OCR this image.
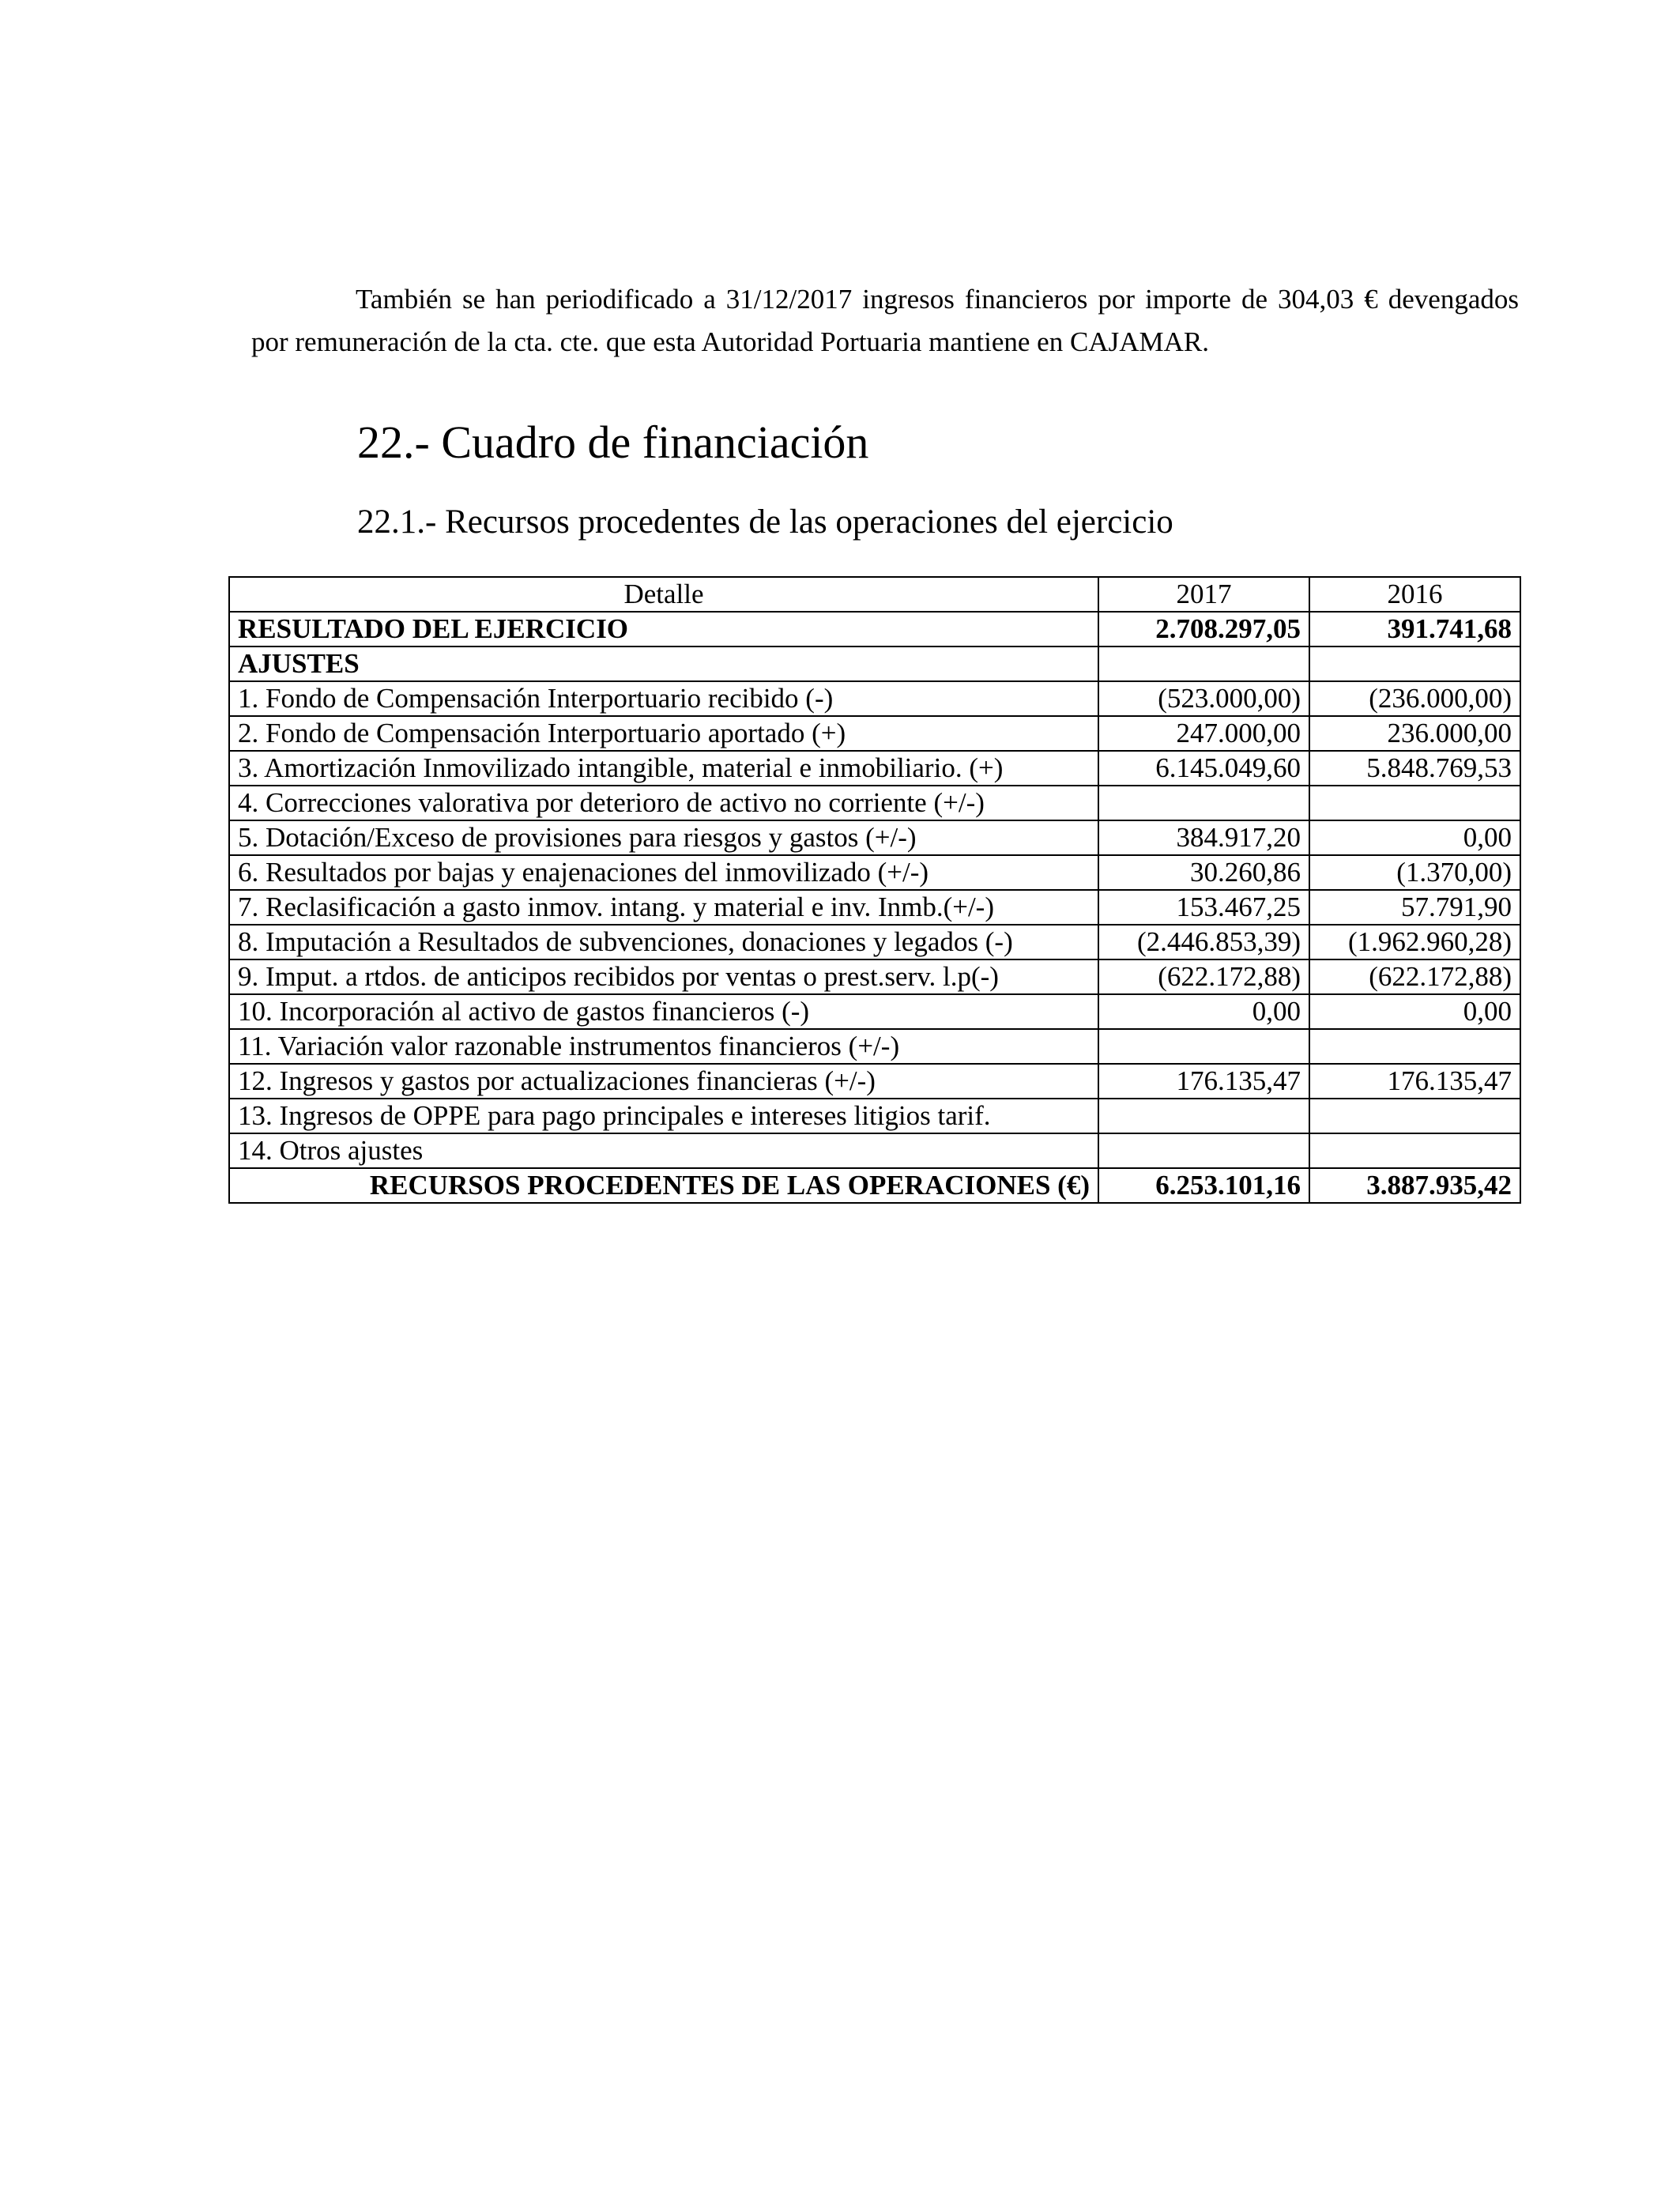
También se han periodificado a 31/12/2017 ingresos financieros por importe de 304,03 € devengados por remuneración de la cta. cte. que esta Autoridad Portuaria mantiene en CAJAMAR.

22.- Cuadro de financiación
22.1.- Recursos procedentes de las operaciones del ejercicio
Detalle	2017	2016
RESULTADO DEL EJERCICIO	2.708.297,05	391.741,68
AJUSTES		
1. Fondo de Compensación Interportuario recibido (-)	(523.000,00)	(236.000,00)
2. Fondo de Compensación Interportuario aportado (+)	247.000,00	236.000,00
3. Amortización Inmovilizado intangible, material e inmobiliario. (+)	6.145.049,60	5.848.769,53
4. Correcciones valorativa por deterioro de activo no corriente (+/-)		
5. Dotación/Exceso de provisiones para riesgos y gastos (+/-)	384.917,20	0,00
6. Resultados por bajas y enajenaciones del inmovilizado (+/-)	30.260,86	(1.370,00)
7. Reclasificación a gasto inmov. intang. y material e inv. Inmb.(+/-)	153.467,25	57.791,90
8. Imputación a Resultados de subvenciones, donaciones y legados (-)	(2.446.853,39)	(1.962.960,28)
9. Imput. a rtdos. de anticipos recibidos por ventas o prest.serv. l.p(-)	(622.172,88)	(622.172,88)
10. Incorporación al activo de gastos financieros (-)	0,00	0,00
11. Variación valor razonable instrumentos financieros (+/-)		
12. Ingresos y gastos por actualizaciones financieras (+/-)	176.135,47	176.135,47
13. Ingresos de OPPE para pago principales e intereses litigios tarif.		
14. Otros ajustes		
RECURSOS PROCEDENTES DE LAS OPERACIONES (€)	6.253.101,16	3.887.935,42
